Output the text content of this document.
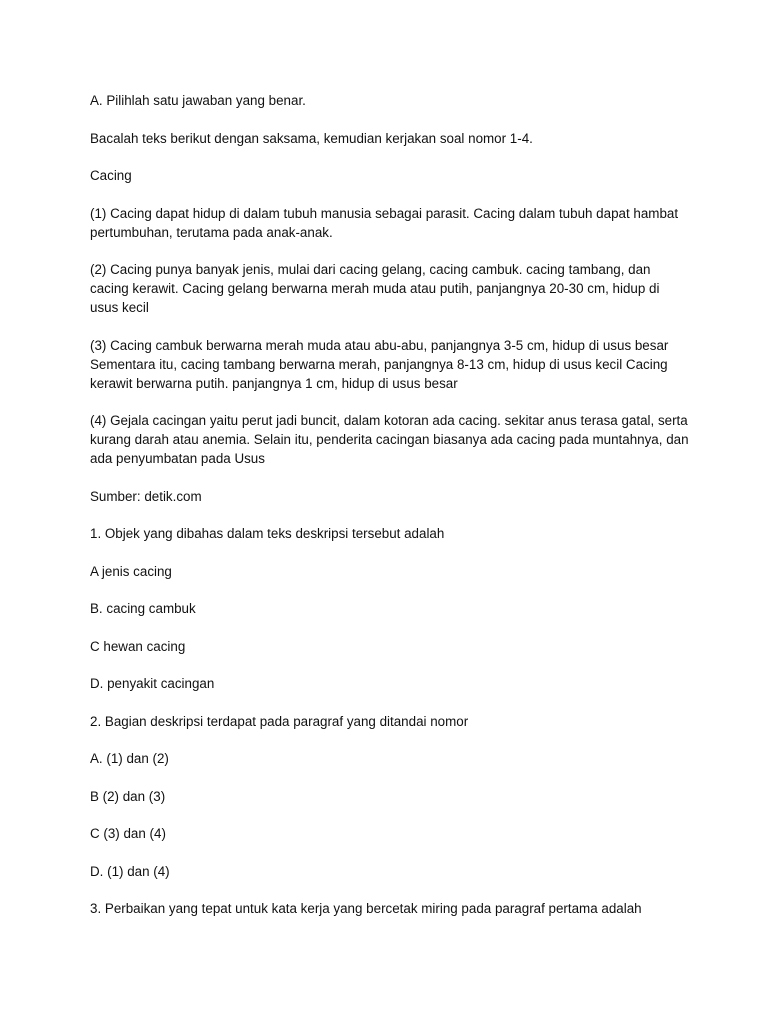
A. Pilihlah satu jawaban yang benar.

Bacalah teks berikut dengan saksama, kemudian kerjakan soal nomor 1-4.

Cacing

(1) Cacing dapat hidup di dalam tubuh manusia sebagai parasit. Cacing dalam tubuh dapat hambat pertumbuhan, terutama pada anak-anak.

(2) Cacing punya banyak jenis, mulai dari cacing gelang, cacing cambuk. cacing tambang, dan cacing kerawit. Cacing gelang berwarna merah muda atau putih, panjangnya 20-30 cm, hidup di usus kecil

(3) Cacing cambuk berwarna merah muda atau abu-abu, panjangnya 3-5 cm, hidup di usus besar Sementara itu, cacing tambang berwarna merah, panjangnya 8-13 cm, hidup di usus kecil Cacing kerawit berwarna putih. panjangnya 1 cm, hidup di usus besar

(4) Gejala cacingan yaitu perut jadi buncit, dalam kotoran ada cacing. sekitar anus terasa gatal, serta kurang darah atau anemia. Selain itu, penderita cacingan biasanya ada cacing pada muntahnya, dan ada penyumbatan pada Usus

Sumber: detik.com

1. Objek yang dibahas dalam teks deskripsi tersebut adalah

A jenis cacing

B. cacing cambuk

C hewan cacing

D. penyakit cacingan

2. Bagian deskripsi terdapat pada paragraf yang ditandai nomor

A. (1) dan (2)

B (2) dan (3)

C (3) dan (4)

D. (1) dan (4)

3. Perbaikan yang tepat untuk kata kerja yang bercetak miring pada paragraf pertama adalah
